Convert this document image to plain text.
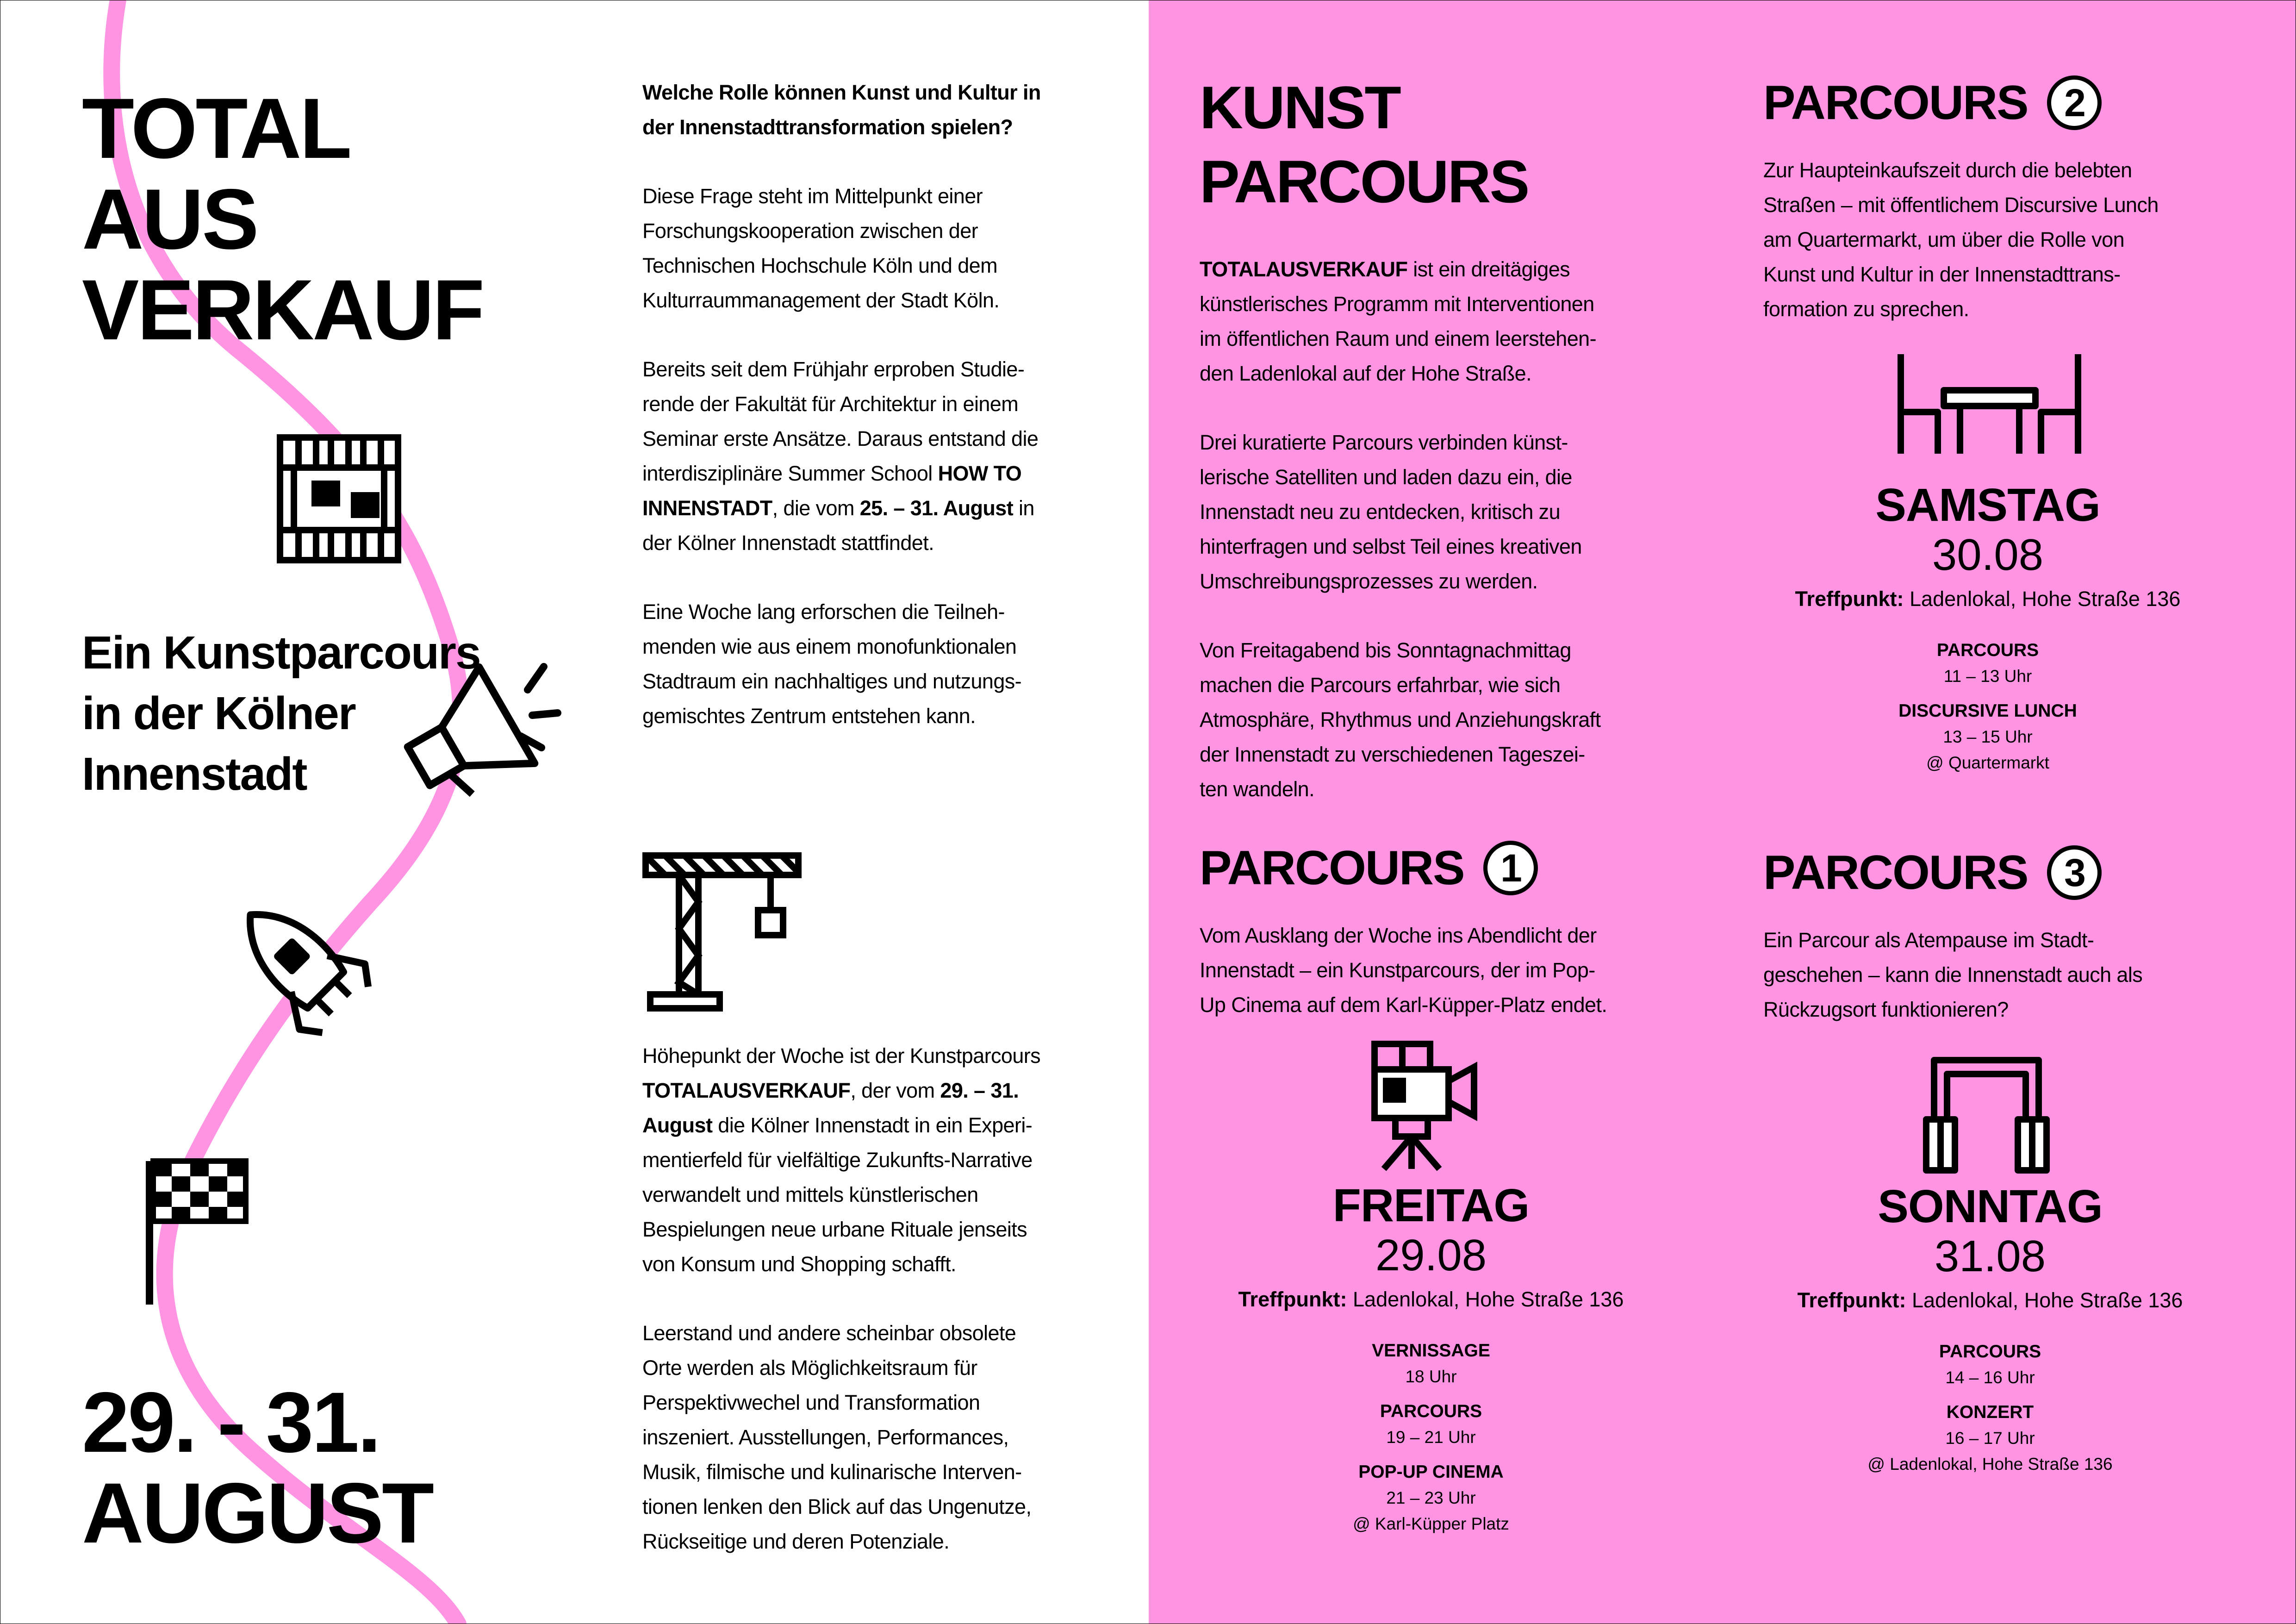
TOTAL

AUS

VERKAUF

Ein Kunstparcours

in der Kölner

Innenstadt

29. - 31.

AUGUST

Welche Rolle können Kunst und Kultur in

der Innenstadttransformation spielen?

Diese Frage steht im Mittelpunkt einer

Forschungskooperation zwischen der

Technischen Hochschule Köln und dem

Kulturraummanagement der Stadt Köln.

Bereits seit dem Frühjahr erproben Studie-

rende der Fakultät für Architektur in einem

Seminar erste Ansätze. Daraus entstand die

interdisziplinäre Summer School HOW TO

INNENSTADT, die vom 25. – 31. August in

der Kölner Innenstadt stattfindet.

Eine Woche lang erforschen die Teilneh-

menden wie aus einem monofunktionalen

Stadtraum ein nachhaltiges und nutzungs-

gemischtes Zentrum entstehen kann.

Höhepunkt der Woche ist der Kunstparcours

TOTALAUSVERKAUF, der vom 29. – 31.

August die Kölner Innenstadt in ein Experi-

mentierfeld für vielfältige Zukunfts-Narrative

verwandelt und mittels künstlerischen

Bespielungen neue urbane Rituale jenseits

von Konsum und Shopping schafft.

Leerstand und andere scheinbar obsolete

Orte werden als Möglichkeitsraum für

Perspektivwechel und Transformation

inszeniert. Ausstellungen, Performances,

Musik, filmische und kulinarische Interven-

tionen lenken den Blick auf das Ungenutze,

Rückseitige und deren Potenziale.

KUNST

PARCOURS

TOTALAUSVERKAUF ist ein dreitägiges

künstlerisches Programm mit Interventionen

im öffentlichen Raum und einem leerstehen-

den Ladenlokal auf der Hohe Straße.

Drei kuratierte Parcours verbinden künst-

lerische Satelliten und laden dazu ein, die

Innenstadt neu zu entdecken, kritisch zu

hinterfragen und selbst Teil eines kreativen

Umschreibungsprozesses zu werden.

Von Freitagabend bis Sonntagnachmittag

machen die Parcours erfahrbar, wie sich

Atmosphäre, Rhythmus und Anziehungskraft

der Innenstadt zu verschiedenen Tageszei-

ten wandeln.

PARCOURS 1

Vom Ausklang der Woche ins Abendlicht der

Innenstadt – ein Kunstparcours, der im Pop-

Up Cinema auf dem Karl-Küpper-Platz endet.

FREITAG

29.08

Treffpunkt: Ladenlokal, Hohe Straße 136

VERNISSAGE

18 Uhr

PARCOURS

19 – 21 Uhr

POP-UP CINEMA

21 – 23 Uhr

@ Karl-Küpper Platz

PARCOURS 2

Zur Haupteinkaufszeit durch die belebten

Straßen – mit öffentlichem Discursive Lunch

am Quartermarkt, um über die Rolle von

Kunst und Kultur in der Innenstadttrans-

formation zu sprechen.

SAMSTAG

30.08

Treffpunkt: Ladenlokal, Hohe Straße 136

PARCOURS

11 – 13 Uhr

DISCURSIVE LUNCH

13 – 15 Uhr

@ Quartermarkt

PARCOURS 3

Ein Parcour als Atempause im Stadt-

geschehen – kann die Innenstadt auch als

Rückzugsort funktionieren?

SONNTAG

31.08

Treffpunkt: Ladenlokal, Hohe Straße 136

PARCOURS

14 – 16 Uhr

KONZERT

16 – 17 Uhr

@ Ladenlokal, Hohe Straße 136
